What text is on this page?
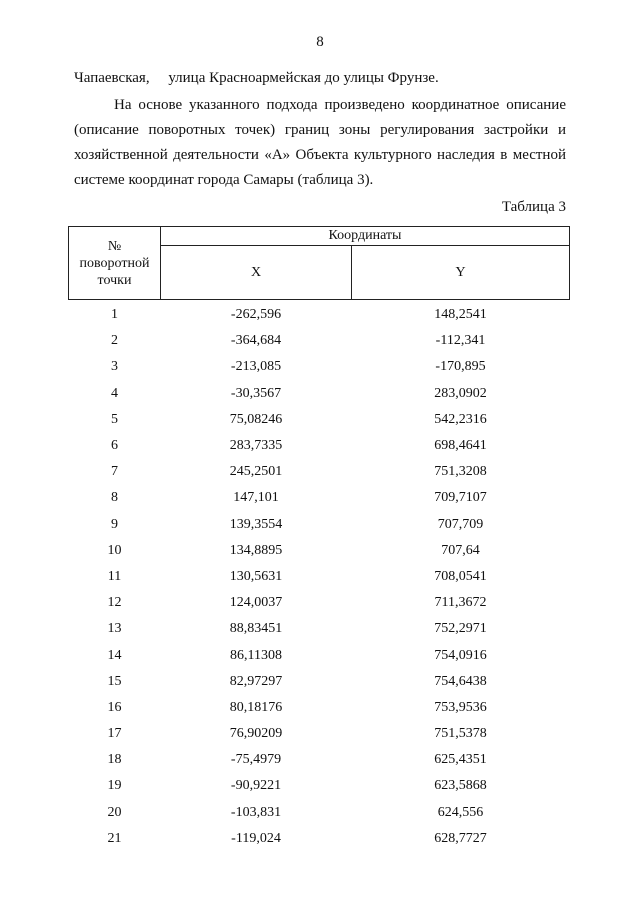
8
Чапаевская,     улица Красноармейская до улицы Фрунзе.
На основе указанного подхода произведено координатное описание (описание поворотных точек) границ зоны регулирования застройки и хозяйственной деятельности «А» Объекта культурного наследия в местной системе координат города Самары (таблица 3).
Таблица 3
№
поворотной
точки	Координаты	
	X	Y
1	-262,596	148,2541
2	-364,684	-112,341
3	-213,085	-170,895
4	-30,3567	283,0902
5	75,08246	542,2316
6	283,7335	698,4641
7	245,2501	751,3208
8	147,101	709,7107
9	139,3554	707,709
10	134,8895	707,64
11	130,5631	708,0541
12	124,0037	711,3672
13	88,83451	752,2971
14	86,11308	754,0916
15	82,97297	754,6438
16	80,18176	753,9536
17	76,90209	751,5378
18	-75,4979	625,4351
19	-90,9221	623,5868
20	-103,831	624,556
21	-119,024	628,7727
